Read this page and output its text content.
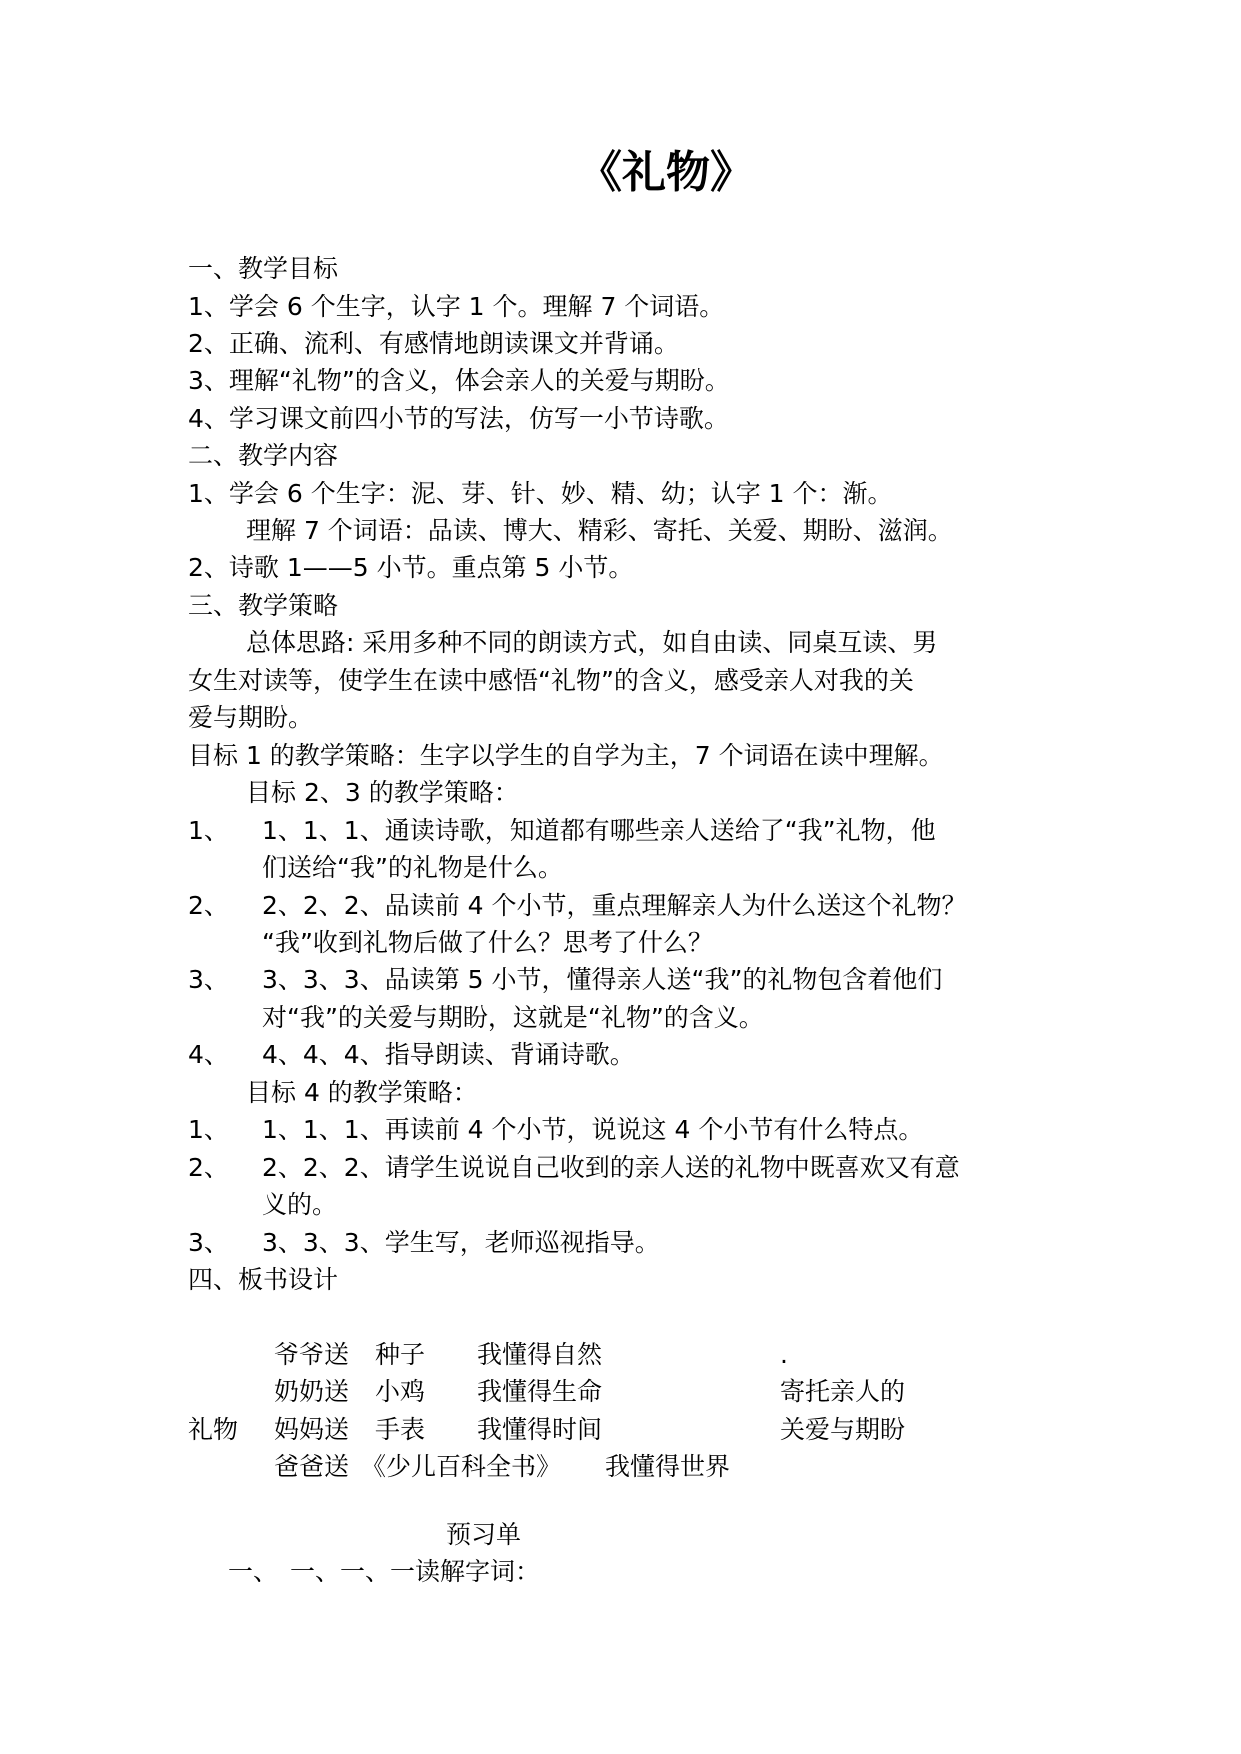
《礼物》
一、教学目标
1、学会 6 个生字，认字 1 个。理解 7 个词语。
2、正确、流利、有感情地朗读课文并背诵。
3、理解“礼物”的含义，体会亲人的关爱与期盼。
4、学习课文前四小节的写法，仿写一小节诗歌。
二、教学内容
1、学会 6 个生字：泥、芽、针、妙、精、幼；认字 1 个：渐。
理解 7 个词语：品读、博大、精彩、寄托、关爱、期盼、滋润。
2、诗歌 1——5 小节。重点第 5 小节。
三、教学策略
总体思路: 采用多种不同的朗读方式，如自由读、同桌互读、男
女生对读等，使学生在读中感悟“礼物”的含义，感受亲人对我的关
爱与期盼。
目标 1 的教学策略：生字以学生的自学为主，7 个词语在读中理解。
目标 2、3 的教学策略：
1、 1、1、1、通读诗歌，知道都有哪些亲人送给了“我”礼物，他
们送给“我”的礼物是什么。
2、 2、2、2、品读前 4 个小节，重点理解亲人为什么送这个礼物？
“我”收到礼物后做了什么？思考了什么？
3、 3、3、3、品读第 5 小节，懂得亲人送“我”的礼物包含着他们
对“我”的关爱与期盼，这就是“礼物”的含义。
4、 4、4、4、指导朗读、背诵诗歌。
目标 4 的教学策略：
1、 1、1、1、再读前 4 个小节，说说这 4 个小节有什么特点。
2、 2、2、2、请学生说说自己收到的亲人送的礼物中既喜欢又有意
义的。
3、 3、3、3、学生写，老师巡视指导。
四、板书设计
爷爷送 种子 我懂得自然	.
奶奶送 小鸡 我懂得生命	寄托亲人的
礼物 妈妈送 手表 我懂得时间	关爱与期盼
爸爸送 《少儿百科全书》 我懂得世界
预习单
一、 一、一、一读解字词：
